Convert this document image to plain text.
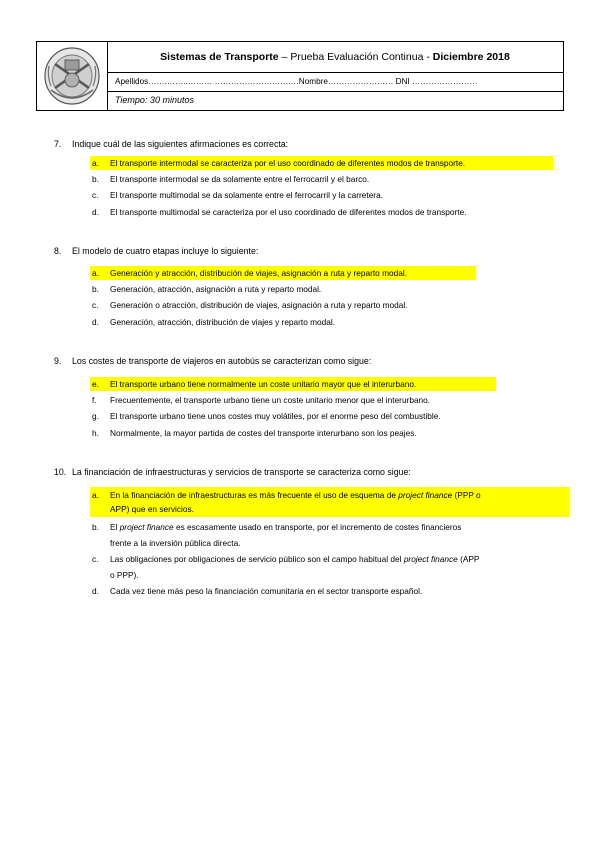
Sistemas de Transporte – Prueba Evaluación Continua - Diciembre 2018
Apellidos…….……..……… ……………………….…Nombre…………………… DNI ……………………
Tiempo: 30 minutos
7. Indique cuál de las siguientes afirmaciones es correcta:
a.	El transporte intermodal se caracteriza por el uso coordinado de diferentes modos de transporte.
b.	El transporte intermodal se da solamente entre el ferrocarril y el barco.
c.	El transporte multimodal se da solamente entre el ferrocarril y la carretera.
d.	El transporte multimodal se caracteriza por el uso coordinado de diferentes modos de transporte.
8. El modelo de cuatro etapas incluye lo siguiente:
a.	Generación y atracción, distribución de viajes, asignación a ruta y reparto modal.
b.	Generación, atracción, asignación a ruta y reparto modal.
c.	Generación o atracción, distribución de viajes, asignación a ruta y reparto modal.
d.	Generación, atracción, distribución de viajes y reparto modal.
9. Los costes de transporte de viajeros en autobús se caracterizan como sigue:
e.	El transporte urbano tiene normalmente un coste unitario mayor que el interurbano.
f.	Frecuentemente, el transporte urbano tiene un coste unitario menor que el interurbano.
g.	El transporte urbano tiene unos costes muy volátiles, por el enorme peso del combustible.
h.	Normalmente, la mayor partida de costes del transporte interurbano son los peajes.
10. La financiación de infraestructuras y servicios de transporte se caracteriza como sigue:
a.	En la financiación de infraestructuras es más frecuente el uso de esquema de project finance (PPP o
APP) que en servicios.
b.	El project finance es escasamente usado en transporte, por el incremento de costes financieros
frente a la inversión pública directa.
c.	Las obligaciones por obligaciones de servicio público son el campo habitual del project finance (APP
o PPP).
d.	Cada vez tiene más peso la financiación comunitaria en el sector transporte español.
